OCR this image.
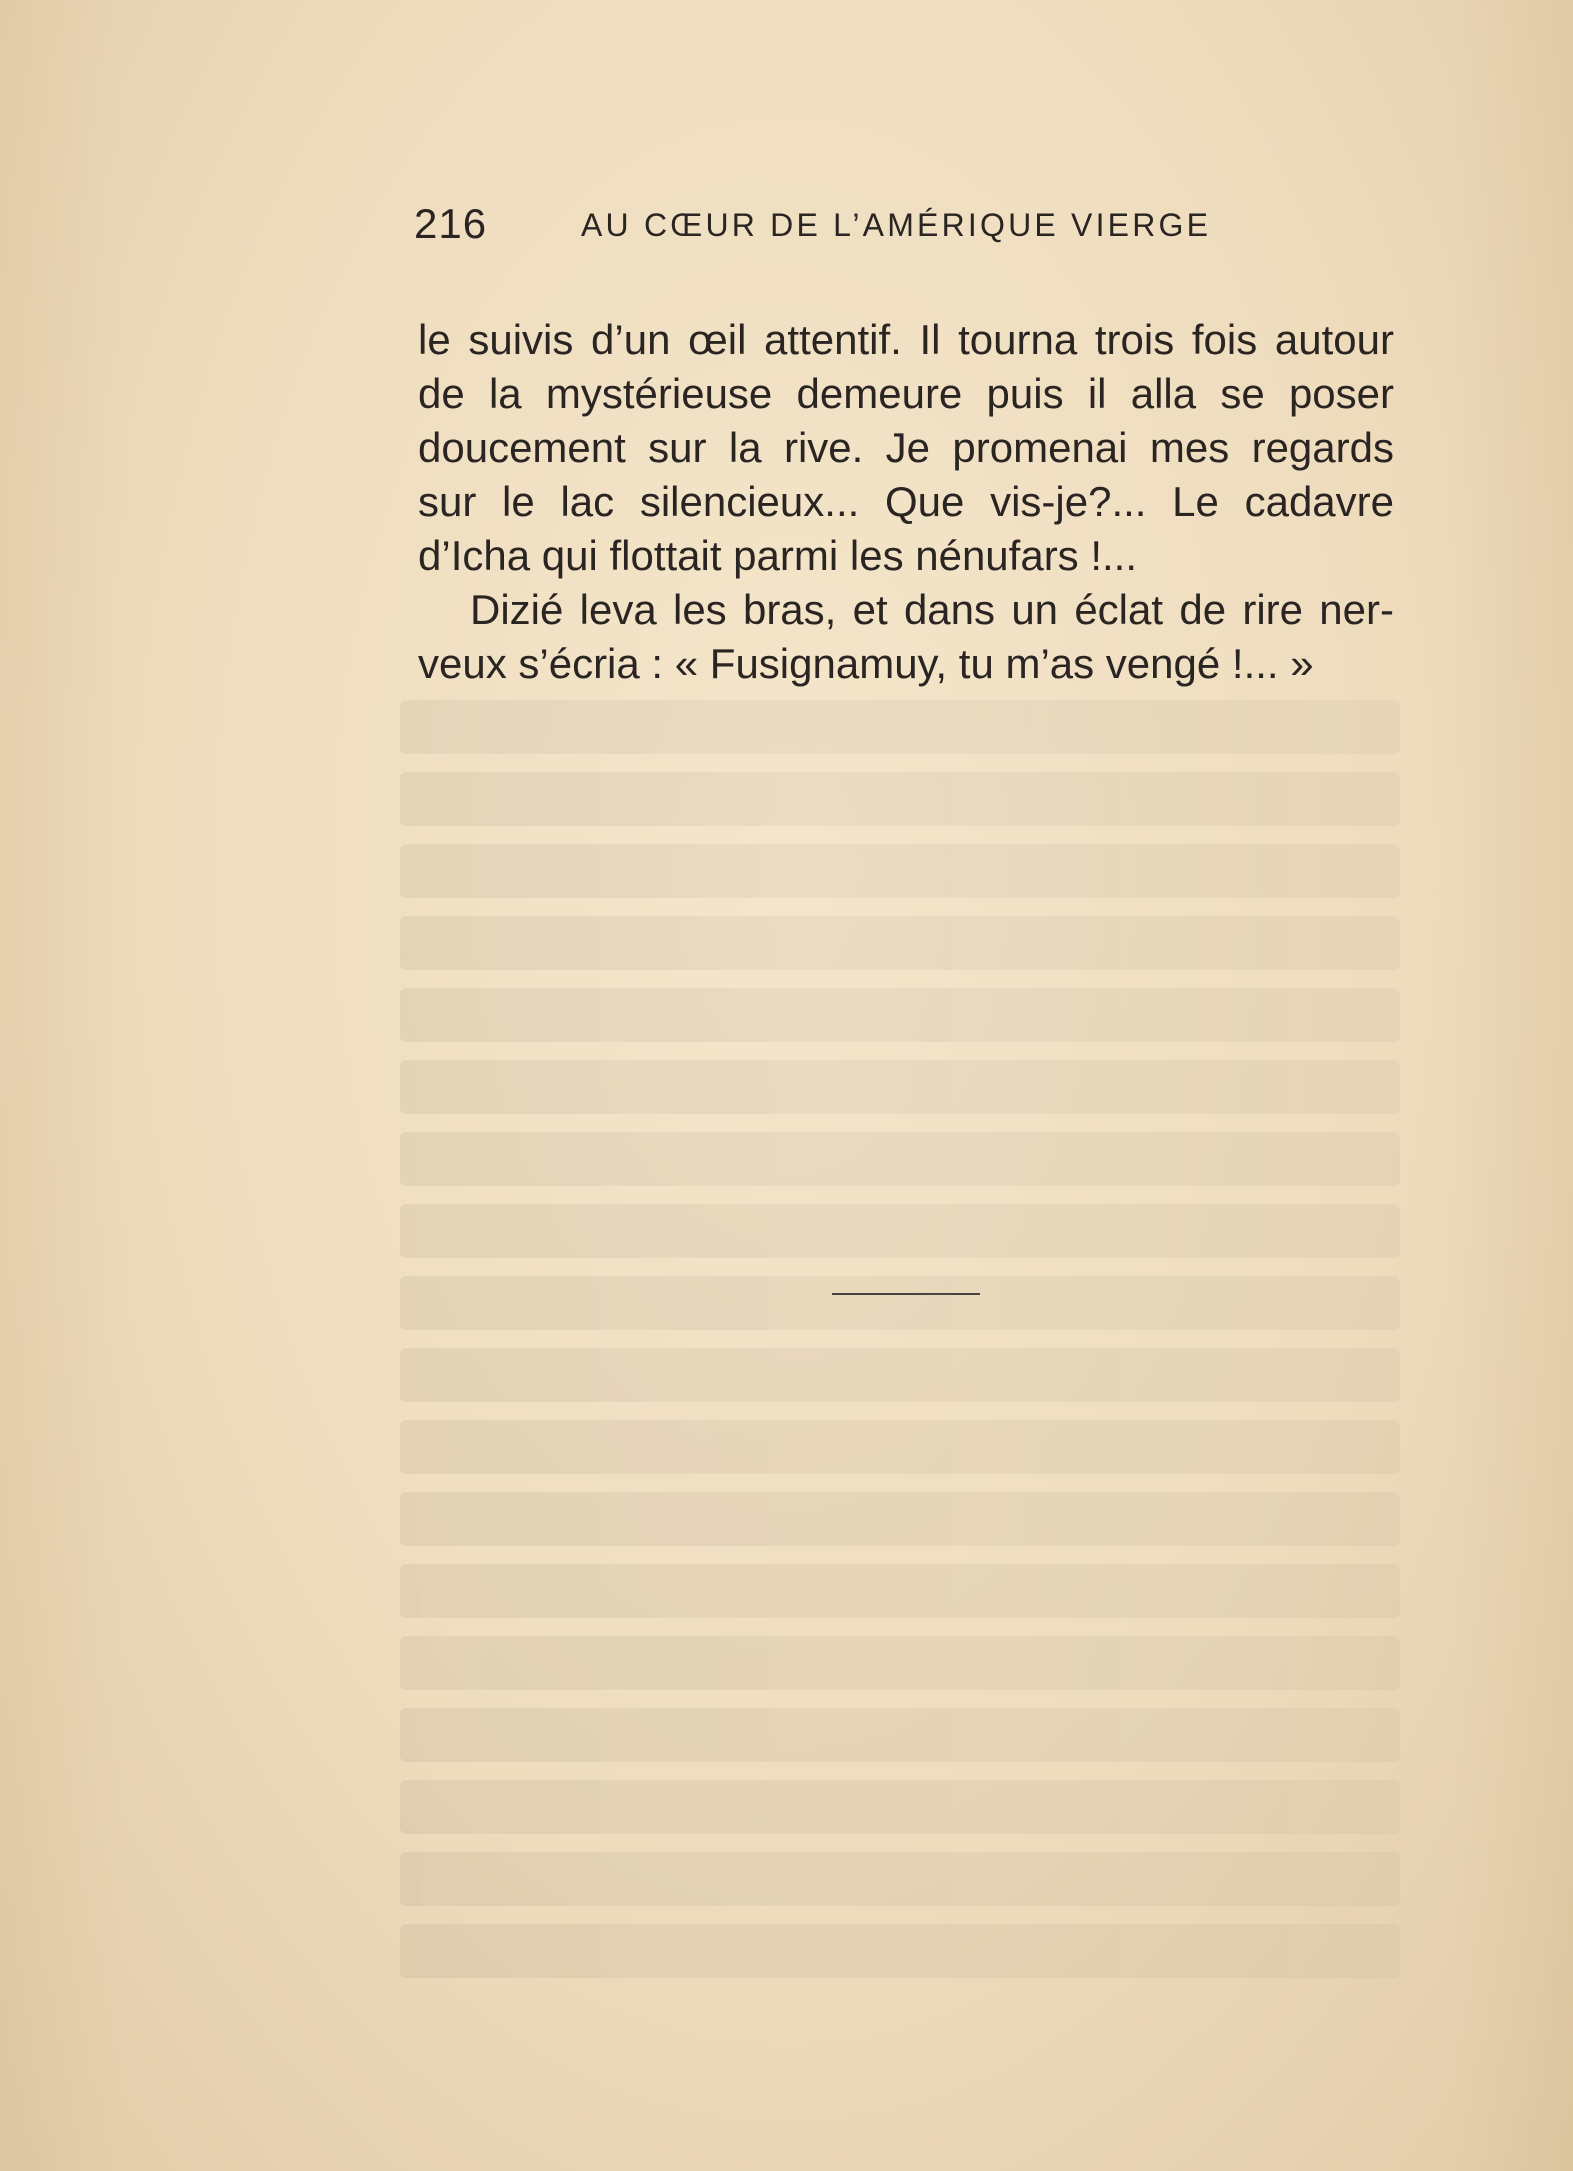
216	AU CŒUR DE L’AMÉRIQUE VIERGE
le suivis d’un œil attentif. Il tourna trois fois autour
de la mystérieuse demeure puis il alla se poser
doucement sur la rive. Je promenai mes regards
sur le lac silencieux... Que vis-je?... Le cadavre
d’Icha qui flottait parmi les nénufars !...
Dizié leva les bras, et dans un éclat de rire ner-
veux s’écria : « Fusignamuy, tu m’as vengé !... »
